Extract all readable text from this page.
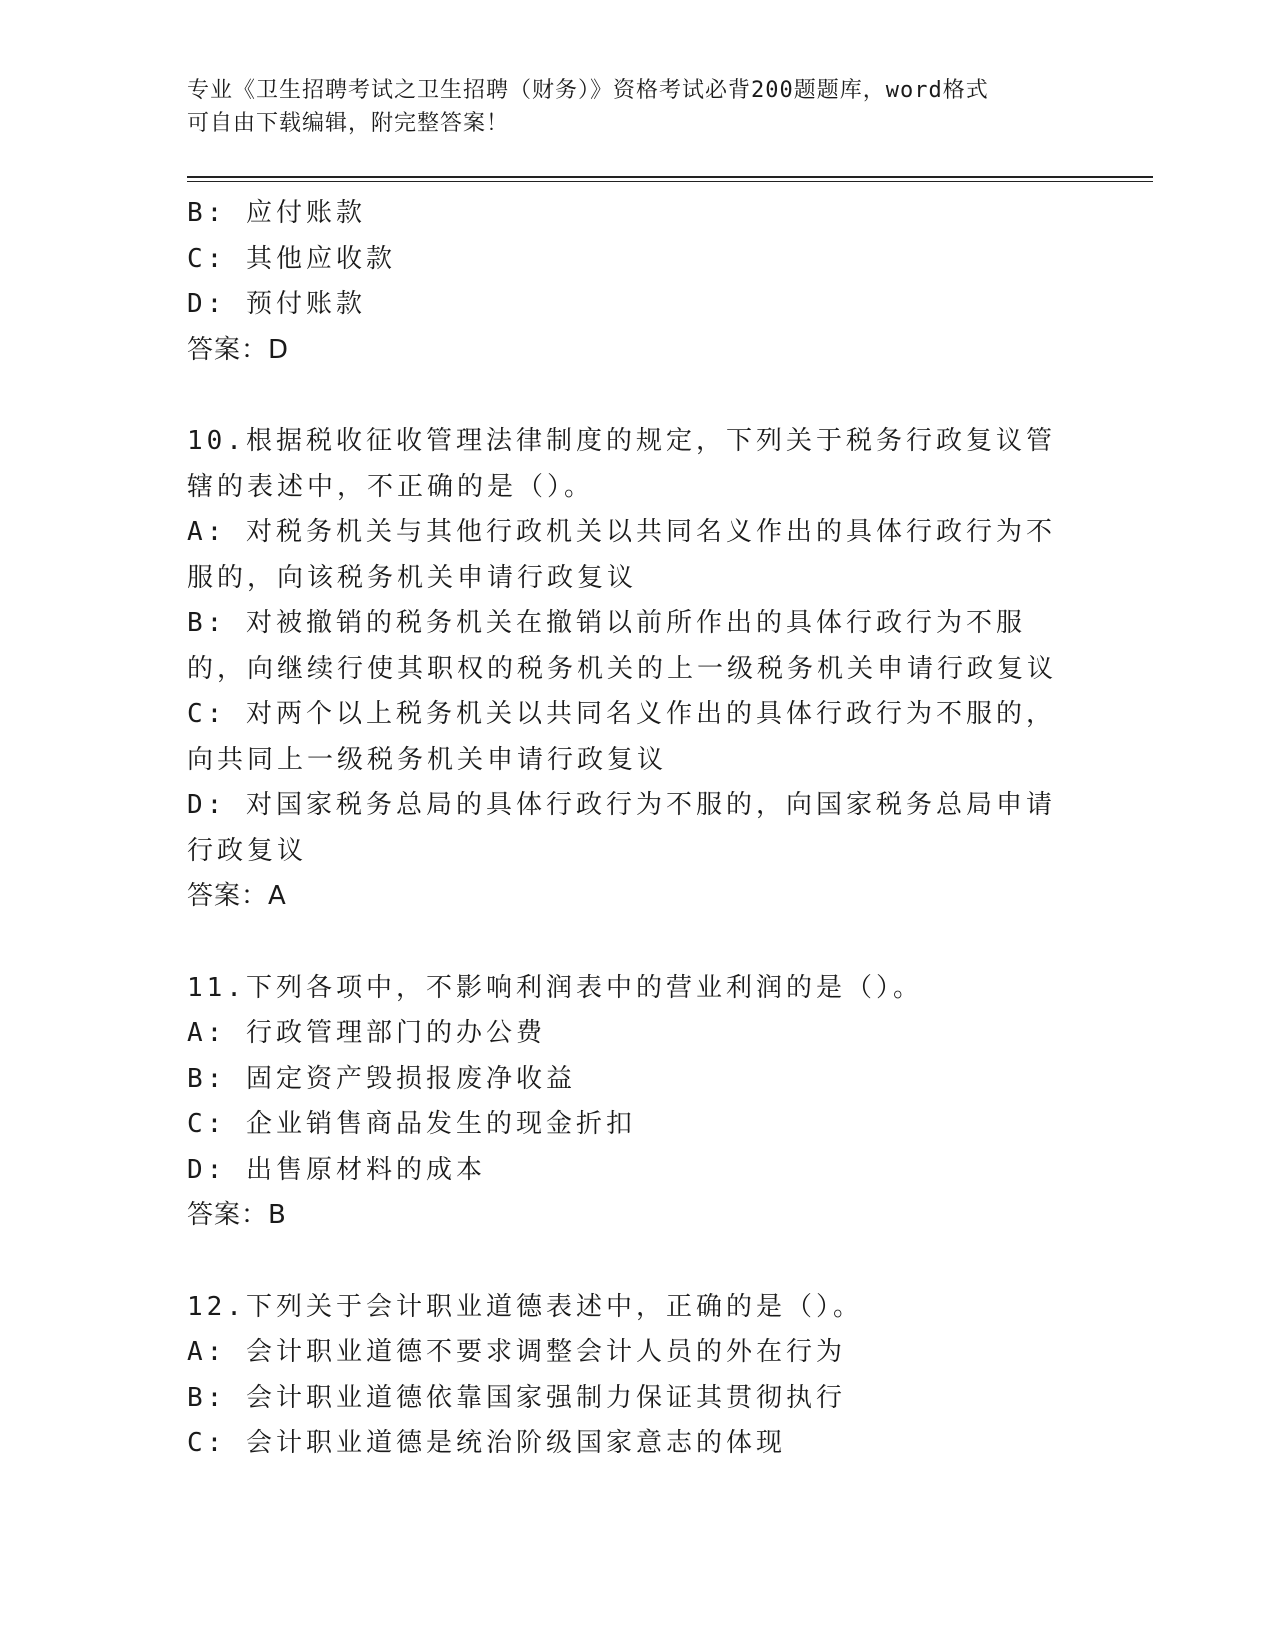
专业《卫生招聘考试之卫生招聘（财务）》资格考试必背200题题库，word格式
可自由下载编辑，附完整答案！
B: 应付账款
C: 其他应收款
D: 预付账款
答案：D
10.根据税收征收管理法律制度的规定，下列关于税务行政复议管辖的表述中，不正确的是（）。
A: 对税务机关与其他行政机关以共同名义作出的具体行政行为不服的，向该税务机关申请行政复议
B: 对被撤销的税务机关在撤销以前所作出的具体行政行为不服的，向继续行使其职权的税务机关的上一级税务机关申请行政复议
C: 对两个以上税务机关以共同名义作出的具体行政行为不服的，向共同上一级税务机关申请行政复议
D: 对国家税务总局的具体行政行为不服的，向国家税务总局申请行政复议
答案：A
11.下列各项中，不影响利润表中的营业利润的是（）。
A: 行政管理部门的办公费
B: 固定资产毁损报废净收益
C: 企业销售商品发生的现金折扣
D: 出售原材料的成本
答案：B
12.下列关于会计职业道德表述中，正确的是（）。
A: 会计职业道德不要求调整会计人员的外在行为
B: 会计职业道德依靠国家强制力保证其贯彻执行
C: 会计职业道德是统治阶级国家意志的体现
